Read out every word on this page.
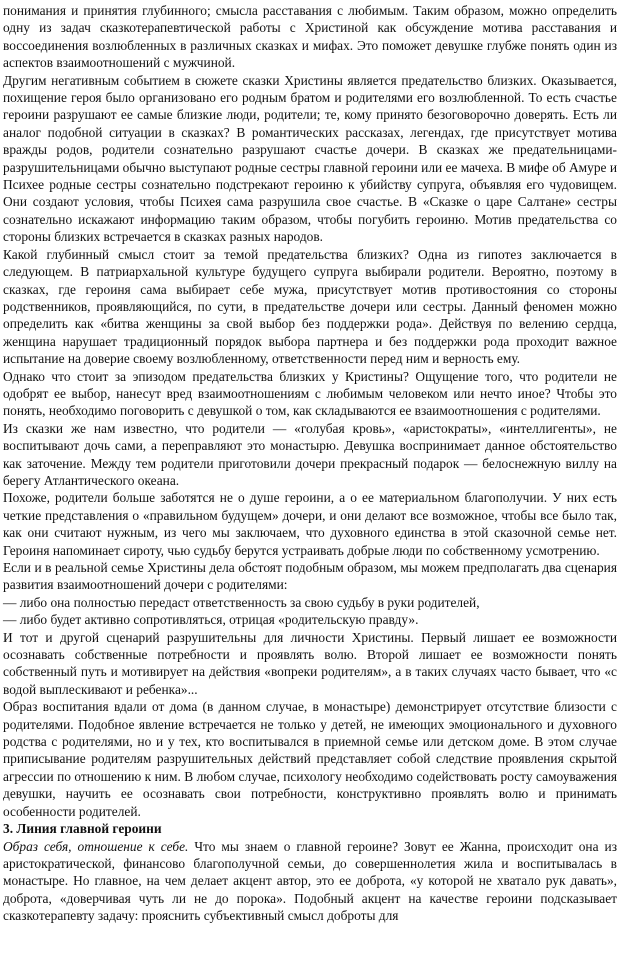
понимания и принятия глубинного; смысла расставания с любимым. Таким образом, можно определить одну из задач сказкотерапевтической работы с Христиной как обсуждение мотива расставания и воссоединения возлюбленных в различных сказках и мифах. Это поможет девушке глубже понять один из аспектов взаимоотношений с мужчиной.

Другим негативным событием в сюжете сказки Христины является предательство близких. Оказывается, похищение героя было организовано его родным братом и родителями его возлюбленной. То есть счастье героини разрушают ее самые близкие люди, родители; те, кому принято безоговорочно доверять. Есть ли аналог подобной ситуации в сказках? В романтических рассказах, легендах, где присутствует мотива вражды родов, родители сознательно разрушают счастье дочери. В сказках же предательницами-разрушительницами обычно выступают родные сестры главной героини или ее мачеха. В мифе об Амуре и Психее родные сестры сознательно подстрекают героиню к убийству супруга, объявляя его чудовищем. Они создают условия, чтобы Психея сама разрушила свое счастье. В «Сказке о царе Салтане» сестры сознательно искажают информацию таким образом, чтобы погубить героиню. Мотив предательства со стороны близких встречается в сказках разных народов.

Какой глубинный смысл стоит за темой предательства близких? Одна из гипотез заключается в следующем. В патриархальной культуре будущего супруга выбирали родители. Вероятно, поэтому в сказках, где героиня сама выбирает себе мужа, присутствует мотив противостояния со стороны родственников, проявляющийся, по сути, в предательстве дочери или сестры. Данный феномен можно определить как «битва женщины за свой выбор без поддержки рода». Действуя по велению сердца, женщина нарушает традиционный порядок выбора партнера и без поддержки рода проходит важное испытание на доверие своему возлюбленному, ответственности перед ним и верность ему.

Однако что стоит за эпизодом предательства близких у Кристины? Ощущение того, что родители не одобрят ее выбор, нанесут вред взаимоотношениям с любимым человеком или нечто иное? Чтобы это понять, необходимо поговорить с девушкой о том, как складываются ее взаимоотношения с родителями.

Из сказки же нам известно, что родители — «голубая кровь», «аристократы», «интеллигенты», не воспитывают дочь сами, а переправляют это монастырю. Девушка воспринимает данное обстоятельство как заточение. Между тем родители приготовили дочери прекрасный подарок — белоснежную виллу на берегу Атлантического океана.

Похоже, родители больше заботятся не о душе героини, а о ее материальном благополучии. У них есть четкие представления о «правильном будущем» дочери, и они делают все возможное, чтобы все было так, как они считают нужным, из чего мы заключаем, что духовного единства в этой сказочной семье нет. Героиня напоминает сироту, чью судьбу берутся устраивать добрые люди по собственному усмотрению.

Если и в реальной семье Христины дела обстоят подобным образом, мы можем предполагать два сценария развития взаимоотношений дочери с родителями:

— либо она полностью передаст ответственность за свою судьбу в руки родителей,

— либо будет активно сопротивляться, отрицая «родительскую правду».

И тот и другой сценарий разрушительны для личности Христины. Первый лишает ее возможности осознавать собственные потребности и проявлять волю. Второй лишает ее возможности понять собственный путь и мотивирует на действия «вопреки родителям», а в таких случаях часто бывает, что «с водой выплескивают и ребенка»...

Образ воспитания вдали от дома (в данном случае, в монастыре) демонстрирует отсутствие близости с родителями. Подобное явление встречается не только у детей, не имеющих эмоционального и духовного родства с родителями, но и у тех, кто воспитывался в приемной семье или детском доме. В этом случае приписывание родителям разрушительных действий представляет собой следствие проявления скрытой агрессии по отношению к ним. В любом случае, психологу необходимо содействовать росту самоуважения девушки, научить ее осознавать свои потребности, конструктивно проявлять волю и принимать особенности родителей.

3. Линия главной героини

Образ себя, отношение к себе. Что мы знаем о главной героине? Зовут ее Жанна, происходит она из аристократической, финансово благополучной семьи, до совершеннолетия жила и воспитывалась в монастыре. Но главное, на чем делает акцент автор, это ее доброта, «у которой не хватало рук давать», доброта, «доверчивая чуть ли не до порока». Подобный акцент на качестве героини подсказывает сказкотерапевту задачу: прояснить субъективный смысл доброты для
